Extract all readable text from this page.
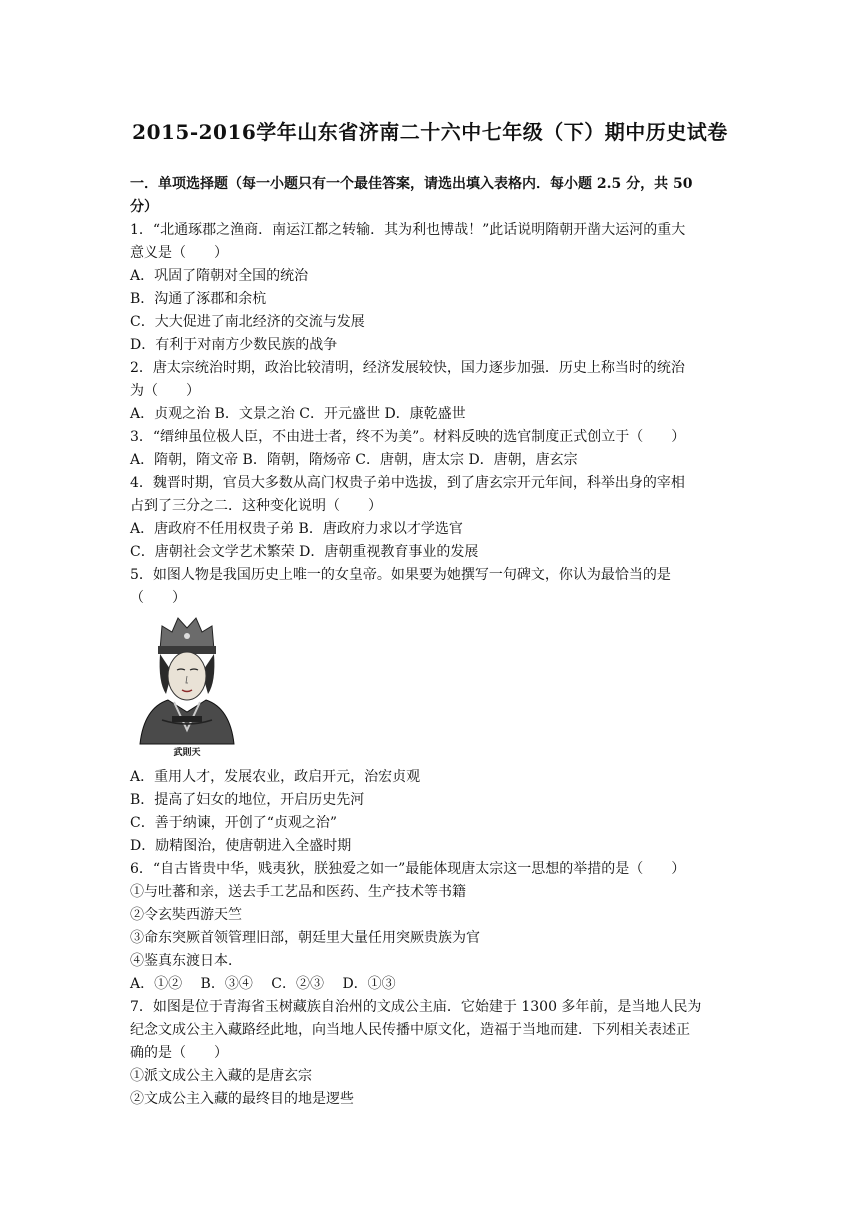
2015-2016学年山东省济南二十六中七年级（下）期中历史试卷
一．单项选择题（每一小题只有一个最佳答案，请选出填入表格内．每小题 2.5 分，共 50
分）
1．“北通琢郡之渔商．南运江都之转输．其为利也博哉！”此话说明隋朝开凿大运河的重大
意义是（　　）
A．巩固了隋朝对全国的统治
B．沟通了涿郡和余杭
C．大大促进了南北经济的交流与发展
D．有利于对南方少数民族的战争
2．唐太宗统治时期，政治比较清明，经济发展较快，国力逐步加强．历史上称当时的统治
为（　　）
A．贞观之治 B．文景之治 C．开元盛世 D．康乾盛世
3．“缙绅虽位极人臣，不由进士者，终不为美”。材料反映的选官制度正式创立于（　　）
A．隋朝，隋文帝 B．隋朝，隋炀帝 C．唐朝，唐太宗 D．唐朝，唐玄宗
4．魏晋时期，官员大多数从高门权贵子弟中选拔，到了唐玄宗开元年间，科举出身的宰相
占到了三分之二．这种变化说明（　　）
A．唐政府不任用权贵子弟 B．唐政府力求以才学选官
C．唐朝社会文学艺术繁荣 D．唐朝重视教育事业的发展
5．如图人物是我国历史上唯一的女皇帝。如果要为她撰写一句碑文，你认为最恰当的是
（　　）
武則天
A．重用人才，发展农业，政启开元，治宏贞观
B．提高了妇女的地位，开启历史先河
C．善于纳谏，开创了“贞观之治”
D．励精图治，使唐朝进入全盛时期
6．“自古皆贵中华，贱夷狄，朕独爱之如一”最能体现唐太宗这一思想的举措的是（　　）
①与吐蕃和亲，送去手工艺品和医药、生产技术等书籍
②令玄奘西游天竺
③命东突厥首领管理旧部，朝廷里大量任用突厥贵族为官
④鉴真东渡日本．
A．①②　 B．③④　 C．②③　 D．①③
7．如图是位于青海省玉树藏族自治州的文成公主庙．它始建于 1300 多年前，是当地人民为
纪念文成公主入藏路经此地，向当地人民传播中原文化，造福于当地而建．下列相关表述正
确的是（　　）
①派文成公主入藏的是唐玄宗
②文成公主入藏的最终目的地是逻些
